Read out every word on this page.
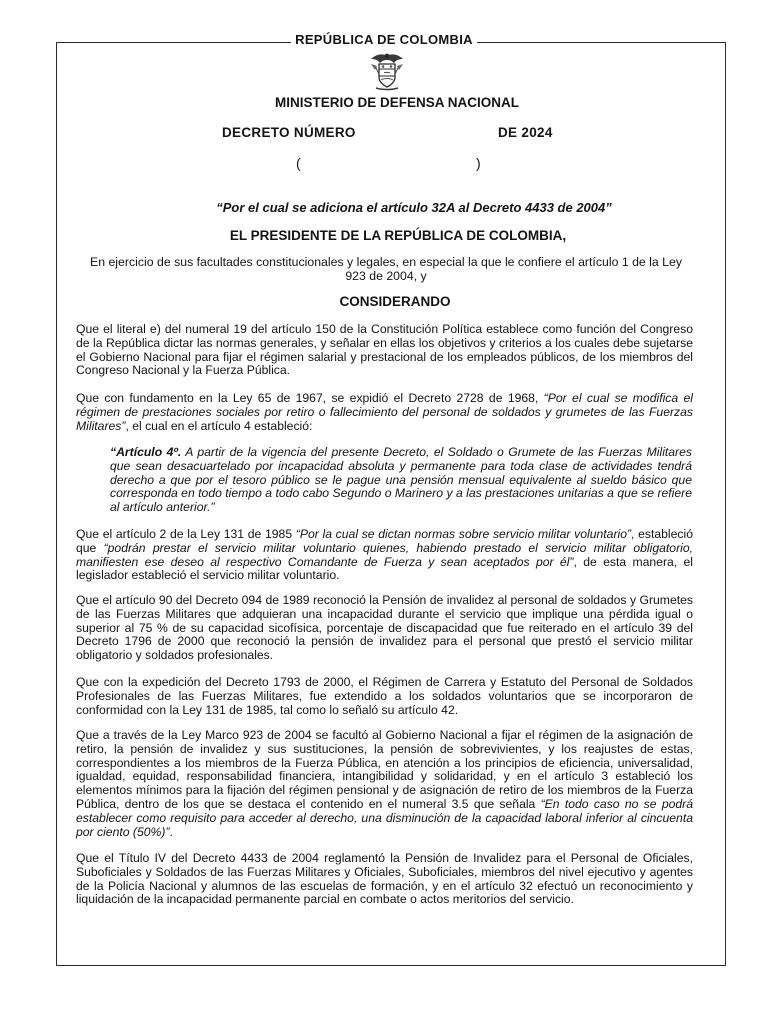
REPÚBLICA DE COLOMBIA
MINISTERIO DE DEFENSA NACIONAL
DECRETO NÚMERO	DE 2024
(	)
“Por el cual se adiciona el artículo 32A al Decreto 4433 de 2004”
EL PRESIDENTE DE LA REPÚBLICA DE COLOMBIA,
En ejercicio de sus facultades constitucionales y legales, en especial la que le confiere el artículo 1 de la Ley 923 de 2004, y
CONSIDERANDO
Que el literal e) del numeral 19 del artículo 150 de la Constitución Política establece como función del Congreso de la República dictar las normas generales, y señalar en ellas los objetivos y criterios a los cuales debe sujetarse el Gobierno Nacional para fijar el régimen salarial y prestacional de los empleados públicos, de los miembros del Congreso Nacional y la Fuerza Pública.
Que con fundamento en la Ley 65 de 1967, se expidió el Decreto 2728 de 1968, “Por el cual se modifica el régimen de prestaciones sociales por retiro o fallecimiento del personal de soldados y grumetes de las Fuerzas Militares”, el cual en el artículo 4 estableció:
“Artículo 4º. A partir de la vigencia del presente Decreto, el Soldado o Grumete de las Fuerzas Militares que sean desacuartelado por incapacidad absoluta y permanente para toda clase de actividades tendrá derecho a que por el tesoro público se le pague una pensión mensual equivalente al sueldo básico que corresponda en todo tiempo a todo cabo Segundo o Marinero y a las prestaciones unitarias a que se refiere al artículo anterior.”
Que el artículo 2 de la Ley 131 de 1985 “Por la cual se dictan normas sobre servicio militar voluntario”, estableció que “podrán prestar el servicio militar voluntario quienes, habiendo prestado el servicio militar obligatorio, manifiesten ese deseo al respectivo Comandante de Fuerza y sean aceptados por él”, de esta manera, el legislador estableció el servicio militar voluntario.
Que el artículo 90 del Decreto 094 de 1989 reconoció la Pensión de invalidez al personal de soldados y Grumetes de las Fuerzas Militares que adquieran una incapacidad durante el servicio que implique una pérdida igual o superior al 75 % de su capacidad sicofísica, porcentaje de discapacidad que fue reiterado en el artículo 39 del Decreto 1796 de 2000 que reconoció la pensión de invalidez para el personal que prestó el servicio militar obligatorio y soldados profesionales.
Que con la expedición del Decreto 1793 de 2000, el Régimen de Carrera y Estatuto del Personal de Soldados Profesionales de las Fuerzas Militares, fue extendido a los soldados voluntarios que se incorporaron de conformidad con la Ley 131 de 1985, tal como lo señaló su artículo 42.
Que a través de la Ley Marco 923 de 2004 se facultó al Gobierno Nacional a fijar el régimen de la asignación de retiro, la pensión de invalidez y sus sustituciones, la pensión de sobrevivientes, y los reajustes de estas, correspondientes a los miembros de la Fuerza Pública, en atención a los principios de eficiencia, universalidad, igualdad, equidad, responsabilidad financiera, intangibilidad y solidaridad, y en el artículo 3 estableció los elementos mínimos para la fijación del régimen pensional y de asignación de retiro de los miembros de la Fuerza Pública, dentro de los que se destaca el contenido en el numeral 3.5 que señala “En todo caso no se podrá establecer como requisito para acceder al derecho, una disminución de la capacidad laboral inferior al cincuenta por ciento (50%)”.
Que el Título IV del Decreto 4433 de 2004 reglamentó la Pensión de Invalidez para el Personal de Oficiales, Suboficiales y Soldados de las Fuerzas Militares y Oficiales, Suboficiales, miembros del nivel ejecutivo y agentes de la Policía Nacional y alumnos de las escuelas de formación, y en el artículo 32 efectuó un reconocimiento y liquidación de la incapacidad permanente parcial en combate o actos meritorios del servicio.
